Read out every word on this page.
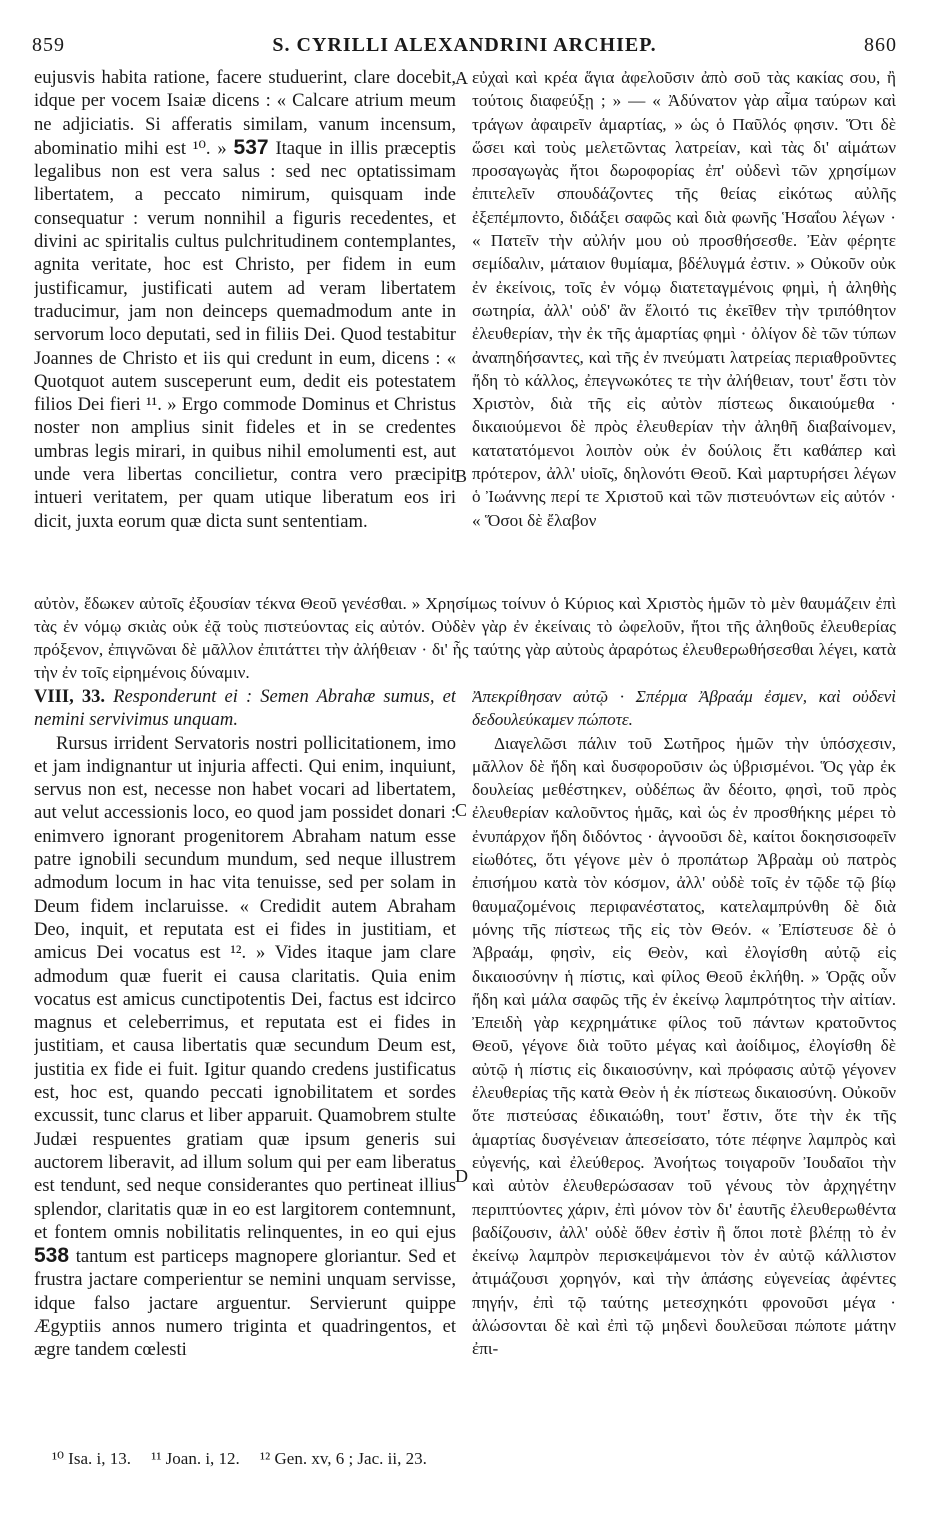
859	S. CYRILLI ALEXANDRINI ARCHIEP.	860
A
B
C
D

eujusvis habita ratione, facere studuerint, clare docebit, idque per vocem Isaiæ dicens : « Calcare atrium meum ne adjiciatis. Si afferatis similam, vanum incensum, abominatio mihi est ¹⁰. » 537 Itaque in illis præceptis legalibus non est vera salus : sed nec optatissimam libertatem, a peccato nimirum, quisquam inde consequatur : verum nonnihil a figuris recedentes, et divini ac spiritalis cultus pulchritudinem contemplantes, agnita veritate, hoc est Christo, per fidem in eum justificamur, justificati autem ad veram libertatem traducimur, jam non deinceps quemadmodum ante in servorum loco deputati, sed in filiis Dei. Quod testabitur Joannes de Christo et iis qui credunt in eum, dicens : « Quotquot autem susceperunt eum, dedit eis potestatem filios Dei fieri ¹¹. » Ergo commode Dominus et Christus noster non amplius sinit fideles et in se credentes umbras legis mirari, in quibus nihil emolumenti est, aut unde vera libertas concilietur, contra vero præcipit intueri veritatem, per quam utique liberatum eos iri dicit, juxta eorum quæ dicta sunt sententiam.

εὐχαὶ καὶ κρέα ἅγια ἀφελοῦσιν ἀπὸ σοῦ τὰς κακίας σου, ἢ τούτοις διαφεύξῃ ; » — « Ἀδύνατον γὰρ αἷμα ταύρων καὶ τράγων ἀφαιρεῖν ἁμαρτίας, » ὡς ὁ Παῦλός φησιν. Ὅτι δὲ ὥσει καὶ τοὺς μελετῶντας λατρείαν, καὶ τὰς δι' αἱμάτων προσαγωγὰς ἤτοι δωροφορίας ἐπ' οὐδενὶ τῶν χρησίμων ἐπιτελεῖν σπουδάζοντες τῆς θείας εἰκότως αὐλῆς ἐξεπέμποντο, διδάξει σαφῶς καὶ διὰ φωνῆς Ἡσαΐου λέγων · « Πατεῖν τὴν αὐλήν μου οὐ προσθήσεσθε. Ἐὰν φέρητε σεμίδαλιν, μάταιον θυμίαμα, βδέλυγμά ἐστιν. » Οὐκοῦν οὐκ ἐν ἐκείνοις, τοῖς ἐν νόμῳ διατεταγμένοις φημὶ, ἡ ἀληθὴς σωτηρία, ἀλλ' οὐδ' ἂν ἕλοιτό τις ἐκεῖθεν τὴν τριπόθητον ἐλευθερίαν, τὴν ἐκ τῆς ἁμαρτίας φημὶ · ὀλίγον δὲ τῶν τύπων ἀναπηδήσαντες, καὶ τῆς ἐν πνεύματι λατρείας περιαθροῦντες ἤδη τὸ κάλλος, ἐπεγνωκότες τε τὴν ἀλήθειαν, τουτ' ἔστι τὸν Χριστὸν, διὰ τῆς εἰς αὐτὸν πίστεως δικαιούμεθα · δικαιούμενοι δὲ πρὸς ἐλευθερίαν τὴν ἀληθῆ διαβαίνομεν, κατατατόμενοι λοιπὸν οὐκ ἐν δούλοις ἔτι καθάπερ καὶ πρότερον, ἀλλ' υἱοῖς, δηλονότι Θεοῦ. Καὶ μαρτυρήσει λέγων ὁ Ἰωάννης περί τε Χριστοῦ καὶ τῶν πιστευόντων εἰς αὐτόν · « Ὅσοι δὲ ἔλαβον

αὐτὸν, ἔδωκεν αὐτοῖς ἐξουσίαν τέκνα Θεοῦ γενέσθαι. » Χρησίμως τοίνυν ὁ Κύριος καὶ Χριστὸς ἡμῶν τὸ μὲν θαυμάζειν ἐπὶ τὰς ἐν νόμῳ σκιὰς οὐκ ἐᾷ τοὺς πιστεύοντας εἰς αὐτόν. Οὐδὲν γὰρ ἐν ἐκείναις τὸ ὠφελοῦν, ἤτοι τῆς ἀληθοῦς ἐλευθερίας πρόξενον, ἐπιγνῶναι δὲ μᾶλλον ἐπιτάττει τὴν ἀλήθειαν · δι' ἧς ταύτης γὰρ αὐτοὺς ἀραρότως ἐλευθερωθήσεσθαι λέγει, κατὰ τὴν ἐν τοῖς εἰρημένοις δύναμιν.

VIII, 33. Responderunt ei : Semen Abrahæ sumus, et nemini servivimus unquam.

Rursus irrident Servatoris nostri pollicitationem, imo et jam indignantur ut injuria affecti. Qui enim, inquiunt, servus non est, necesse non habet vocari ad libertatem, aut velut accessionis loco, eo quod jam possidet donari : enimvero ignorant progenitorem Abraham natum esse patre ignobili secundum mundum, sed neque illustrem admodum locum in hac vita tenuisse, sed per solam in Deum fidem inclaruisse. « Credidit autem Abraham Deo, inquit, et reputata est ei fides in justitiam, et amicus Dei vocatus est ¹². » Vides itaque jam clare admodum quæ fuerit ei causa claritatis. Quia enim vocatus est amicus cunctipotentis Dei, factus est idcirco magnus et celeberrimus, et reputata est ei fides in justitiam, et causa libertatis quæ secundum Deum est, justitia ex fide ei fuit. Igitur quando credens justificatus est, hoc est, quando peccati ignobilitatem et sordes excussit, tunc clarus et liber apparuit. Quamobrem stulte Judæi respuentes gratiam quæ ipsum generis sui auctorem liberavit, ad illum solum qui per eam liberatus est tendunt, sed neque considerantes quo pertineat illius splendor, claritatis quæ in eo est largitorem contemnunt, et fontem omnis nobilitatis relinquentes, in eo qui ejus 538 tantum est particeps magnopere gloriantur. Sed et frustra jactare comperientur se nemini unquam servisse, idque falso jactare arguentur. Servierunt quippe Ægyptiis annos numero triginta et quadringentos, et ægre tandem cœlesti

Ἀπεκρίθησαν αὐτῷ · Σπέρμα Ἀβραάμ ἐσμεν, καὶ οὐδενὶ δεδουλεύκαμεν πώποτε.

Διαγελῶσι πάλιν τοῦ Σωτῆρος ἡμῶν τὴν ὑπόσχεσιν, μᾶλλον δὲ ἤδη καὶ δυσφοροῦσιν ὡς ὑβρισμένοι. Ὅς γὰρ ἐκ δουλείας μεθέστηκεν, οὐδέπως ἂν δέοιτο, φησὶ, τοῦ πρὸς ἐλευθερίαν καλοῦντος ἡμᾶς, καὶ ὡς ἐν προσθήκης μέρει τὸ ἐνυπάρχον ἤδη διδόντος · ἀγνοοῦσι δὲ, καίτοι δοκησισοφεῖν εἰωθότες, ὅτι γέγονε μὲν ὁ προπάτωρ Ἀβραὰμ οὐ πατρὸς ἐπισήμου κατὰ τὸν κόσμον, ἀλλ' οὐδὲ τοῖς ἐν τῷδε τῷ βίῳ θαυμαζομένοις περιφανέστατος, κατελαμπρύνθη δὲ διὰ μόνης τῆς πίστεως τῆς εἰς τὸν Θεόν. « Ἐπίστευσε δὲ ὁ Ἀβραάμ, φησὶν, εἰς Θεὸν, καὶ ἐλογίσθη αὐτῷ εἰς δικαιοσύνην ἡ πίστις, καὶ φίλος Θεοῦ ἐκλήθη. » Ὁρᾷς οὖν ἤδη καὶ μάλα σαφῶς τῆς ἐν ἐκείνῳ λαμπρότητος τὴν αἰτίαν. Ἐπειδὴ γὰρ κεχρημάτικε φίλος τοῦ πάντων κρατοῦντος Θεοῦ, γέγονε διὰ τοῦτο μέγας καὶ ἀοίδιμος, ἐλογίσθη δὲ αὐτῷ ἡ πίστις εἰς δικαιοσύνην, καὶ πρόφασις αὐτῷ γέγονεν ἐλευθερίας τῆς κατὰ Θεὸν ἡ ἐκ πίστεως δικαιοσύνη. Οὐκοῦν ὅτε πιστεύσας ἐδικαιώθη, τουτ' ἔστιν, ὅτε τὴν ἐκ τῆς ἁμαρτίας δυσγένειαν ἀπεσείσατο, τότε πέφηνε λαμπρὸς καὶ εὐγενής, καὶ ἐλεύθερος. Ἀνοήτως τοιγαροῦν Ἰουδαῖοι τὴν καὶ αὐτὸν ἐλευθερώσασαν τοῦ γένους τὸν ἀρχηγέτην περιπτύοντες χάριν, ἐπὶ μόνον τὸν δι' ἑαυτῆς ἐλευθερωθέντα βαδίζουσιν, ἀλλ' οὐδὲ ὅθεν ἐστὶν ἢ ὅποι ποτὲ βλέπῃ τὸ ἐν ἐκείνῳ λαμπρὸν περισκεψάμενοι τὸν ἐν αὐτῷ κάλλιστον ἀτιμάζουσι χορηγόν, καὶ τὴν ἁπάσης εὐγενείας ἀφέντες πηγήν, ἐπὶ τῷ ταύτης μετεσχηκότι φρονοῦσι μέγα · ἁλώσονται δὲ καὶ ἐπὶ τῷ μηδενὶ δουλεῦσαι πώποτε μάτην ἐπι-

¹⁰ Isa. i, 13. ¹¹ Joan. i, 12. ¹² Gen. xv, 6 ; Jac. ii, 23.
